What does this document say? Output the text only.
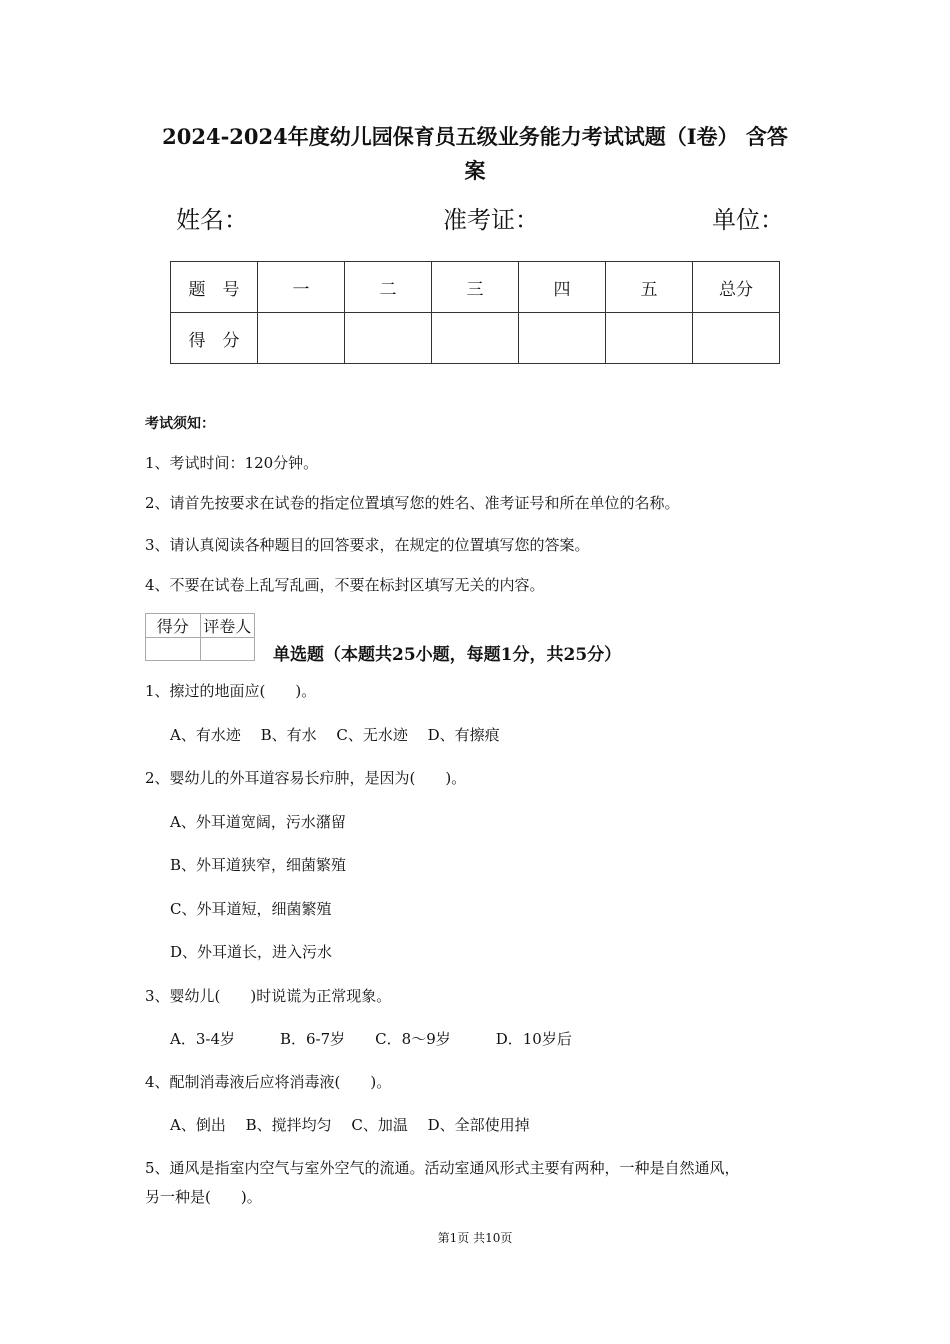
2024-2024年度幼儿园保育员五级业务能力考试试题（I卷） 含答
案
姓名：	准考证：	单位：
题　号	一	二	三	四	五	总分
得　分						
考试须知：
1、考试时间：120分钟。
2、请首先按要求在试卷的指定位置填写您的姓名、准考证号和所在单位的名称。
3、请认真阅读各种题目的回答要求，在规定的位置填写您的答案。
4、不要在试卷上乱写乱画，不要在标封区填写无关的内容。
得分	评卷人

单选题（本题共25小题，每题1分，共25分）
1、擦过的地面应(　　)。
A、有水迹　 B、有水　 C、无水迹　 D、有擦痕
2、婴幼儿的外耳道容易长疖肿，是因为(　　)。
A、外耳道宽阔，污水潴留
B、外耳道狭窄，细菌繁殖
C、外耳道短，细菌繁殖
D、外耳道长，进入污水
3、婴幼儿(　　)时说谎为正常现象。
A．3-4岁　　　B．6-7岁　　C．8～9岁　　　D．10岁后
4、配制消毒液后应将消毒液(　　)。
A、倒出　 B、搅拌均匀　 C、加温　 D、全部使用掉
5、通风是指室内空气与室外空气的流通。活动室通风形式主要有两种，一种是自然通风，
另一种是(　　)。
第1页 共10页
